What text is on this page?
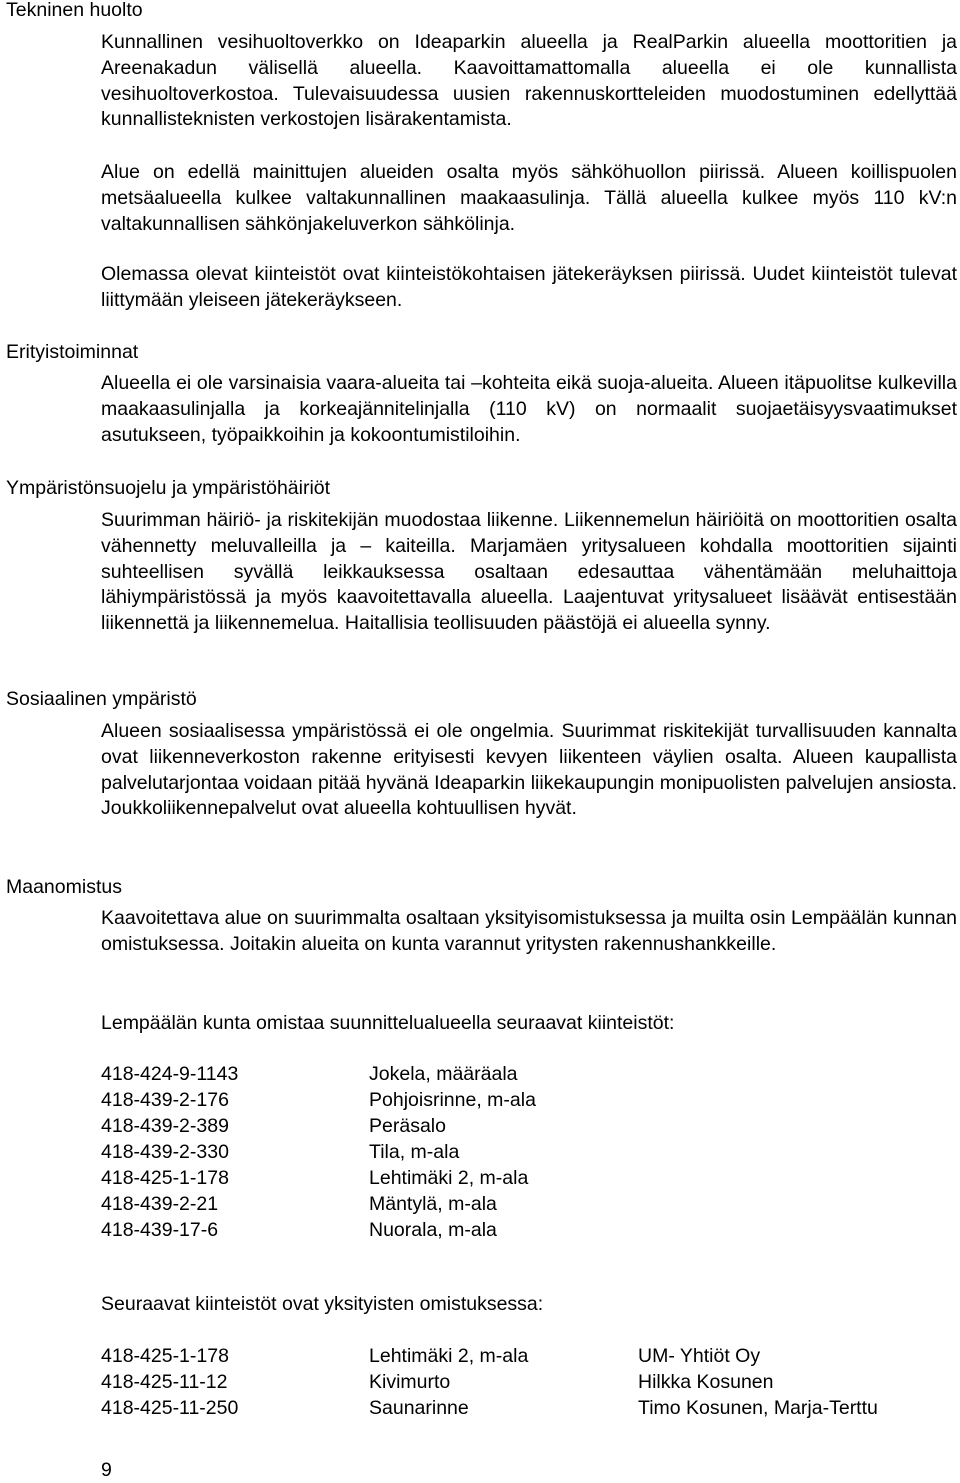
Tekninen huolto

Kunnallinen vesihuoltoverkko on Ideaparkin alueella ja RealParkin alueella moottoritien ja Areenakadun välisellä alueella. Kaavoittamattomalla alueella ei ole kunnallista vesihuoltoverkostoa. Tulevaisuudessa uusien rakennuskortteleiden muodostuminen edellyttää kunnallisteknisten verkostojen lisärakentamista.

Alue on edellä mainittujen alueiden osalta myös sähköhuollon piirissä. Alueen koillispuolen metsäalueella kulkee valtakunnallinen maakaasulinja. Tällä alueella kulkee myös 110 kV:n valtakunnallisen sähkönjakeluverkon sähkölinja.

Olemassa olevat kiinteistöt ovat kiinteistökohtaisen jätekeräyksen piirissä. Uudet kiinteistöt tulevat liittymään yleiseen jätekeräykseen.

Erityistoiminnat

Alueella ei ole varsinaisia vaara-alueita tai –kohteita eikä suoja-alueita. Alueen itäpuolitse kulkevilla maakaasulinjalla ja korkeajännitelinjalla (110 kV) on normaalit suojaetäisyysvaatimukset asutukseen, työpaikkoihin ja kokoontumistiloihin.

Ympäristönsuojelu ja ympäristöhäiriöt

Suurimman häiriö- ja riskitekijän muodostaa liikenne. Liikennemelun häiriöitä on moottoritien osalta vähennetty meluvalleilla ja – kaiteilla. Marjamäen yritysalueen kohdalla moottoritien sijainti suhteellisen syvällä leikkauksessa osaltaan edesauttaa vähentämään meluhaittoja lähiympäristössä ja myös kaavoitettavalla alueella. Laajentuvat yritysalueet lisäävät entisestään liikennettä ja liikennemelua. Haitallisia teollisuuden päästöjä ei alueella synny.

Sosiaalinen ympäristö

Alueen sosiaalisessa ympäristössä ei ole ongelmia. Suurimmat riskitekijät turvallisuuden kannalta ovat liikenneverkoston rakenne erityisesti kevyen liikenteen väylien osalta. Alueen kaupallista palvelutarjontaa voidaan pitää hyvänä Ideaparkin liikekaupungin monipuolisten palvelujen ansiosta. Joukkoliikennepalvelut ovat alueella kohtuullisen hyvät.

Maanomistus

Kaavoitettava alue on suurimmalta osaltaan yksityisomistuksessa ja muilta osin Lempäälän kunnan omistuksessa. Joitakin alueita on kunta varannut yritysten rakennushankkeille.

Lempäälän kunta omistaa suunnittelualueella seuraavat kiinteistöt:

418-424-9-1143	Jokela, määräala
418-439-2-176	Pohjoisrinne, m-ala
418-439-2-389	Peräsalo
418-439-2-330	Tila, m-ala
418-425-1-178	Lehtimäki 2, m-ala
418-439-2-21	Mäntylä, m-ala
418-439-17-6	Nuorala, m-ala

Seuraavat kiinteistöt ovat yksityisten omistuksessa:

418-425-1-178	Lehtimäki 2, m-ala	UM- Yhtiöt Oy
418-425-11-12	Kivimurto	Hilkka Kosunen
418-425-11-250	Saunarinne	Timo Kosunen, Marja-Terttu
9
